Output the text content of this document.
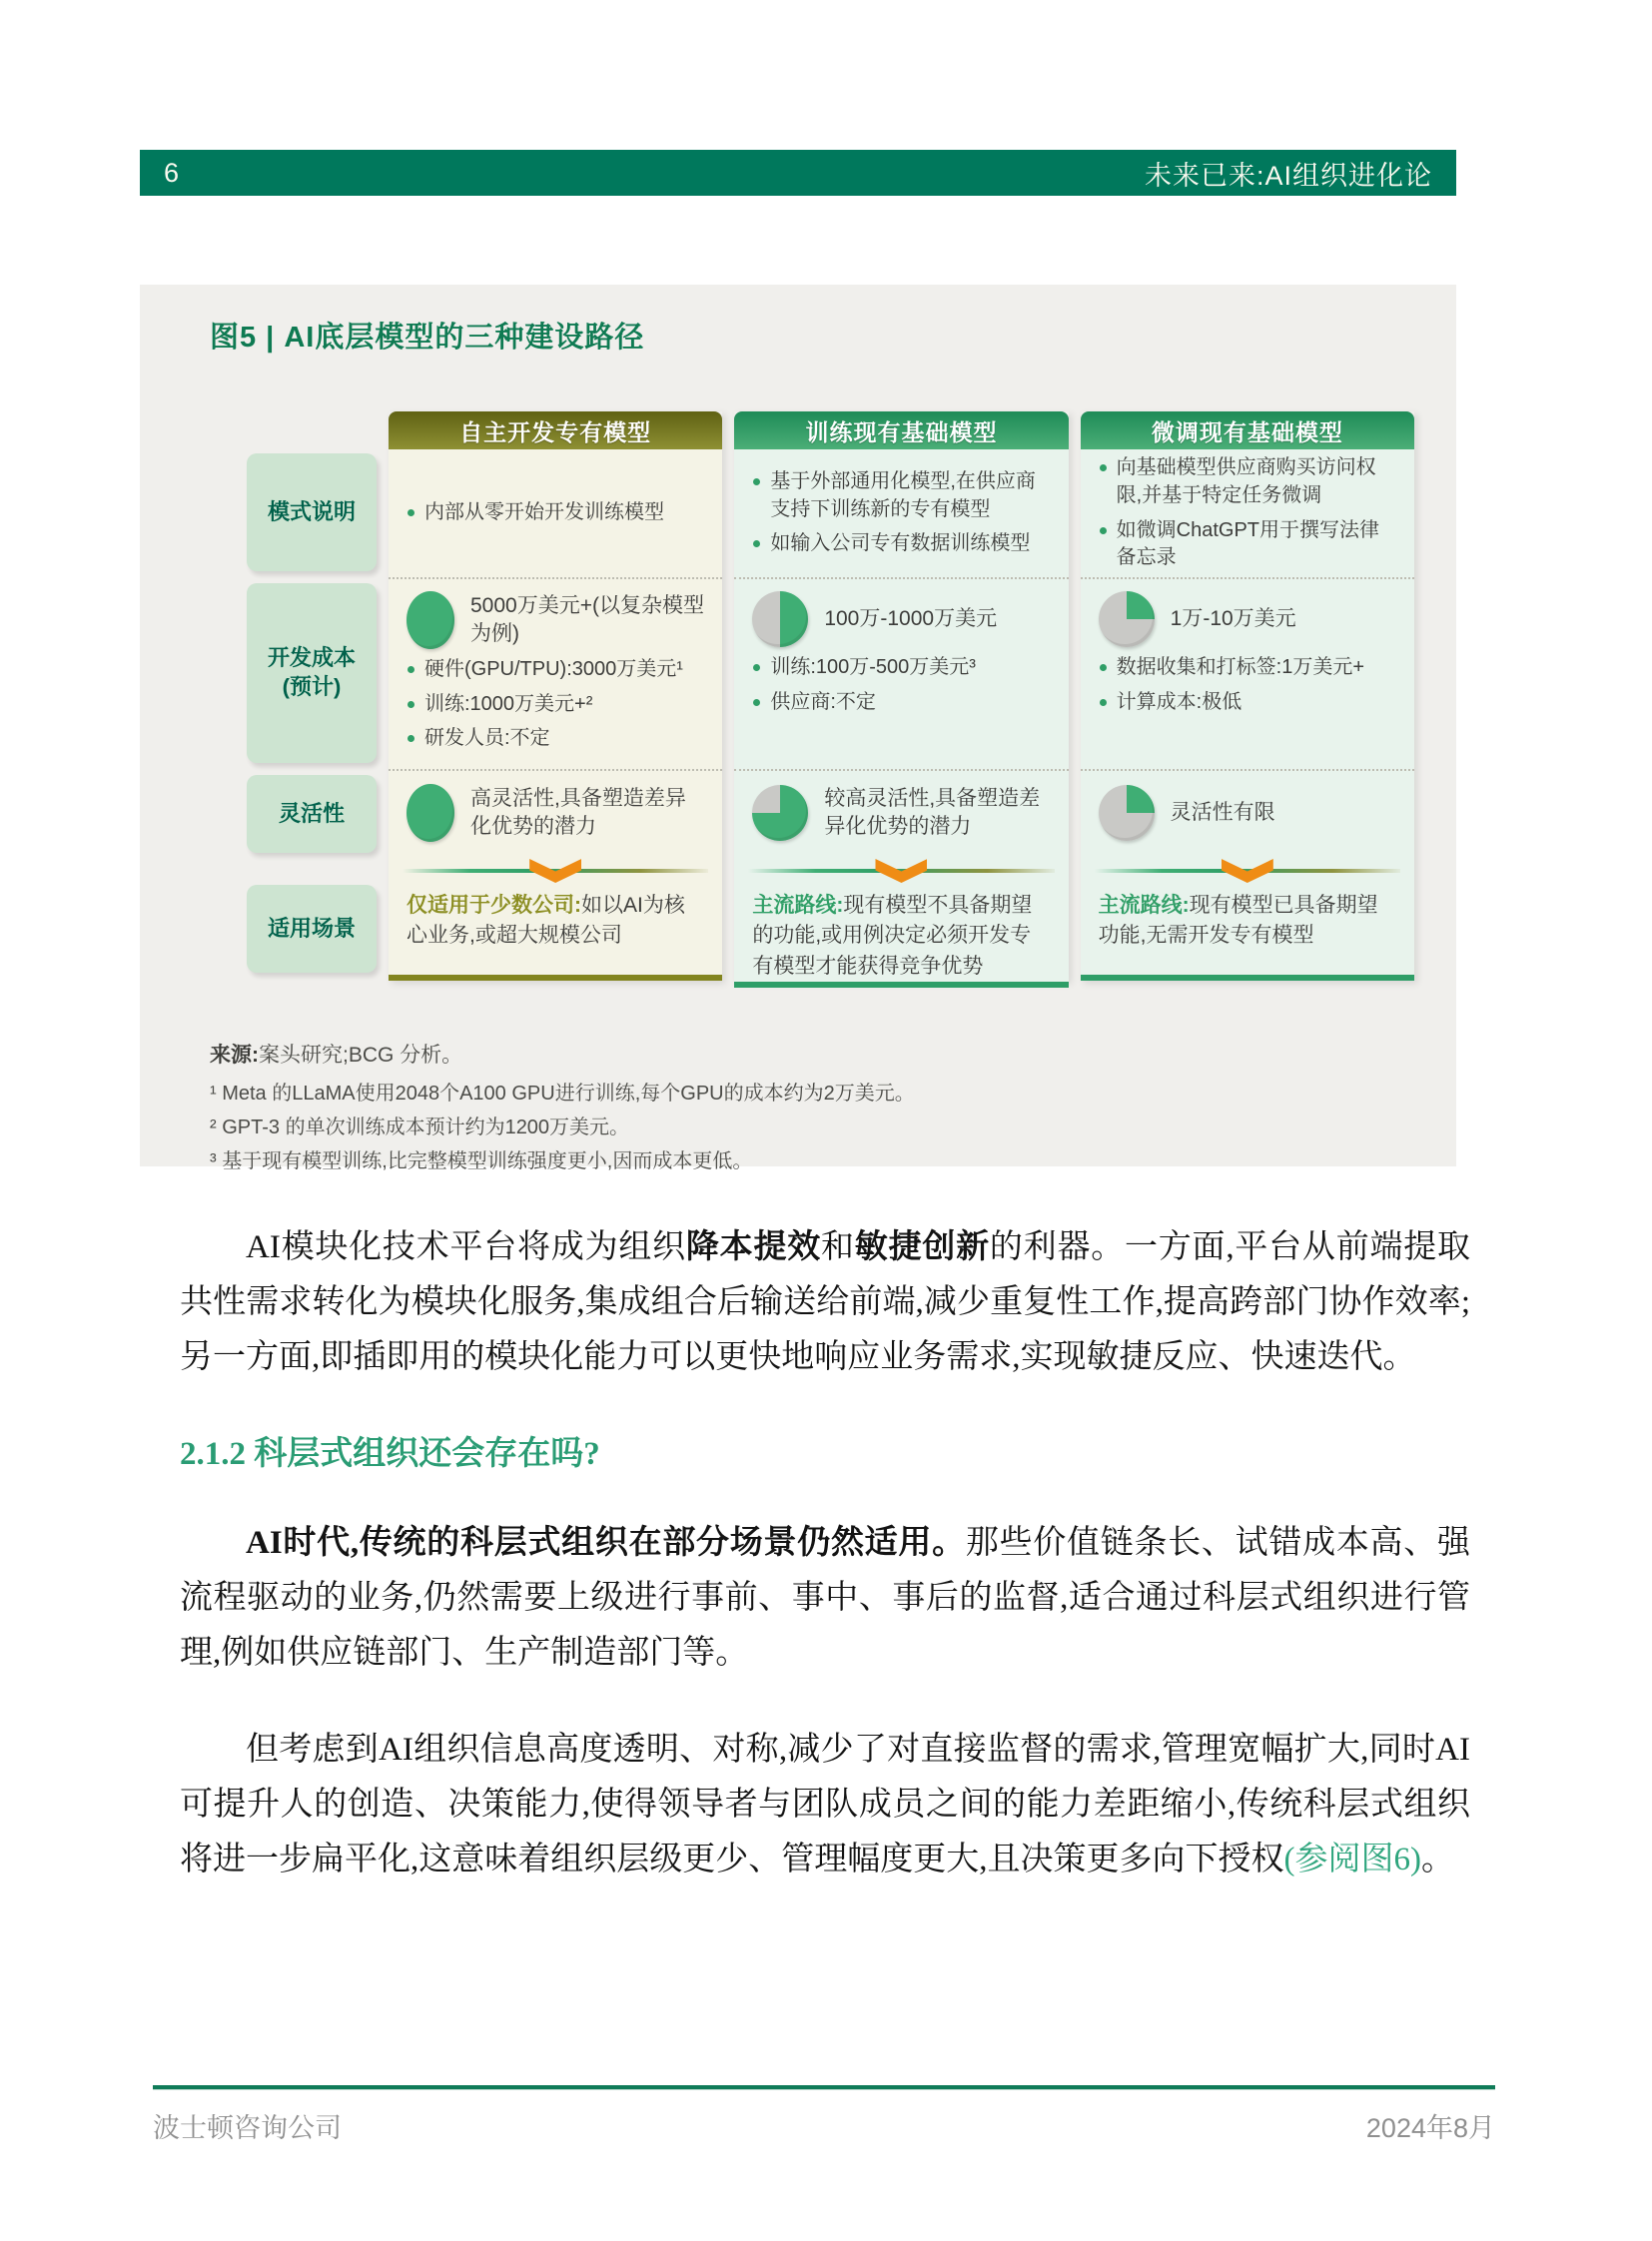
6	未来已来:AI组织进化论
图5 | AI底层模型的三种建设路径
模式说明
开发成本
(预计)
灵活性
适用场景
自主开发专有模型
内部从零开始开发训练模型
5000万美元+(以复杂模型为例)
硬件(GPU/TPU):3000万美元¹
训练:1000万美元+²
研发人员:不定
高灵活性,具备塑造差异化优势的潜力

仅适用于少数公司:如以AI为核心业务,或超大规模公司

训练现有基础模型
基于外部通用化模型,在供应商支持下训练新的专有模型
如输入公司专有数据训练模型
100万-1000万美元
训练:100万-500万美元³
供应商:不定
较高灵活性,具备塑造差异化优势的潜力

主流路线:现有模型不具备期望的功能,或用例决定必须开发专有模型才能获得竞争优势

微调现有基础模型
向基础模型供应商购买访问权限,并基于特定任务微调
如微调ChatGPT用于撰写法律备忘录
1万-10万美元
数据收集和打标签:1万美元+
计算成本:极低
灵活性有限

主流路线:现有模型已具备期望功能,无需开发专有模型

来源:案头研究;BCG 分析。
¹ Meta 的LLaMA使用2048个A100 GPU进行训练,每个GPU的成本约为2万美元。
² GPT-3 的单次训练成本预计约为1200万美元。
³ 基于现有模型训练,比完整模型训练强度更小,因而成本更低。

AI模块化技术平台将成为组织降本提效和敏捷创新的利器。一方面,平台从前端提取共性需求转化为模块化服务,集成组合后输送给前端,减少重复性工作,提高跨部门协作效率;另一方面,即插即用的模块化能力可以更快地响应业务需求,实现敏捷反应、快速迭代。

2.1.2 科层式组织还会存在吗?

AI时代,传统的科层式组织在部分场景仍然适用。那些价值链条长、试错成本高、强流程驱动的业务,仍然需要上级进行事前、事中、事后的监督,适合通过科层式组织进行管理,例如供应链部门、生产制造部门等。

但考虑到AI组织信息高度透明、对称,减少了对直接监督的需求,管理宽幅扩大,同时AI可提升人的创造、决策能力,使得领导者与团队成员之间的能力差距缩小,传统科层式组织将进一步扁平化,这意味着组织层级更少、管理幅度更大,且决策更多向下授权(参阅图6)。

波士顿咨询公司	2024年8月
